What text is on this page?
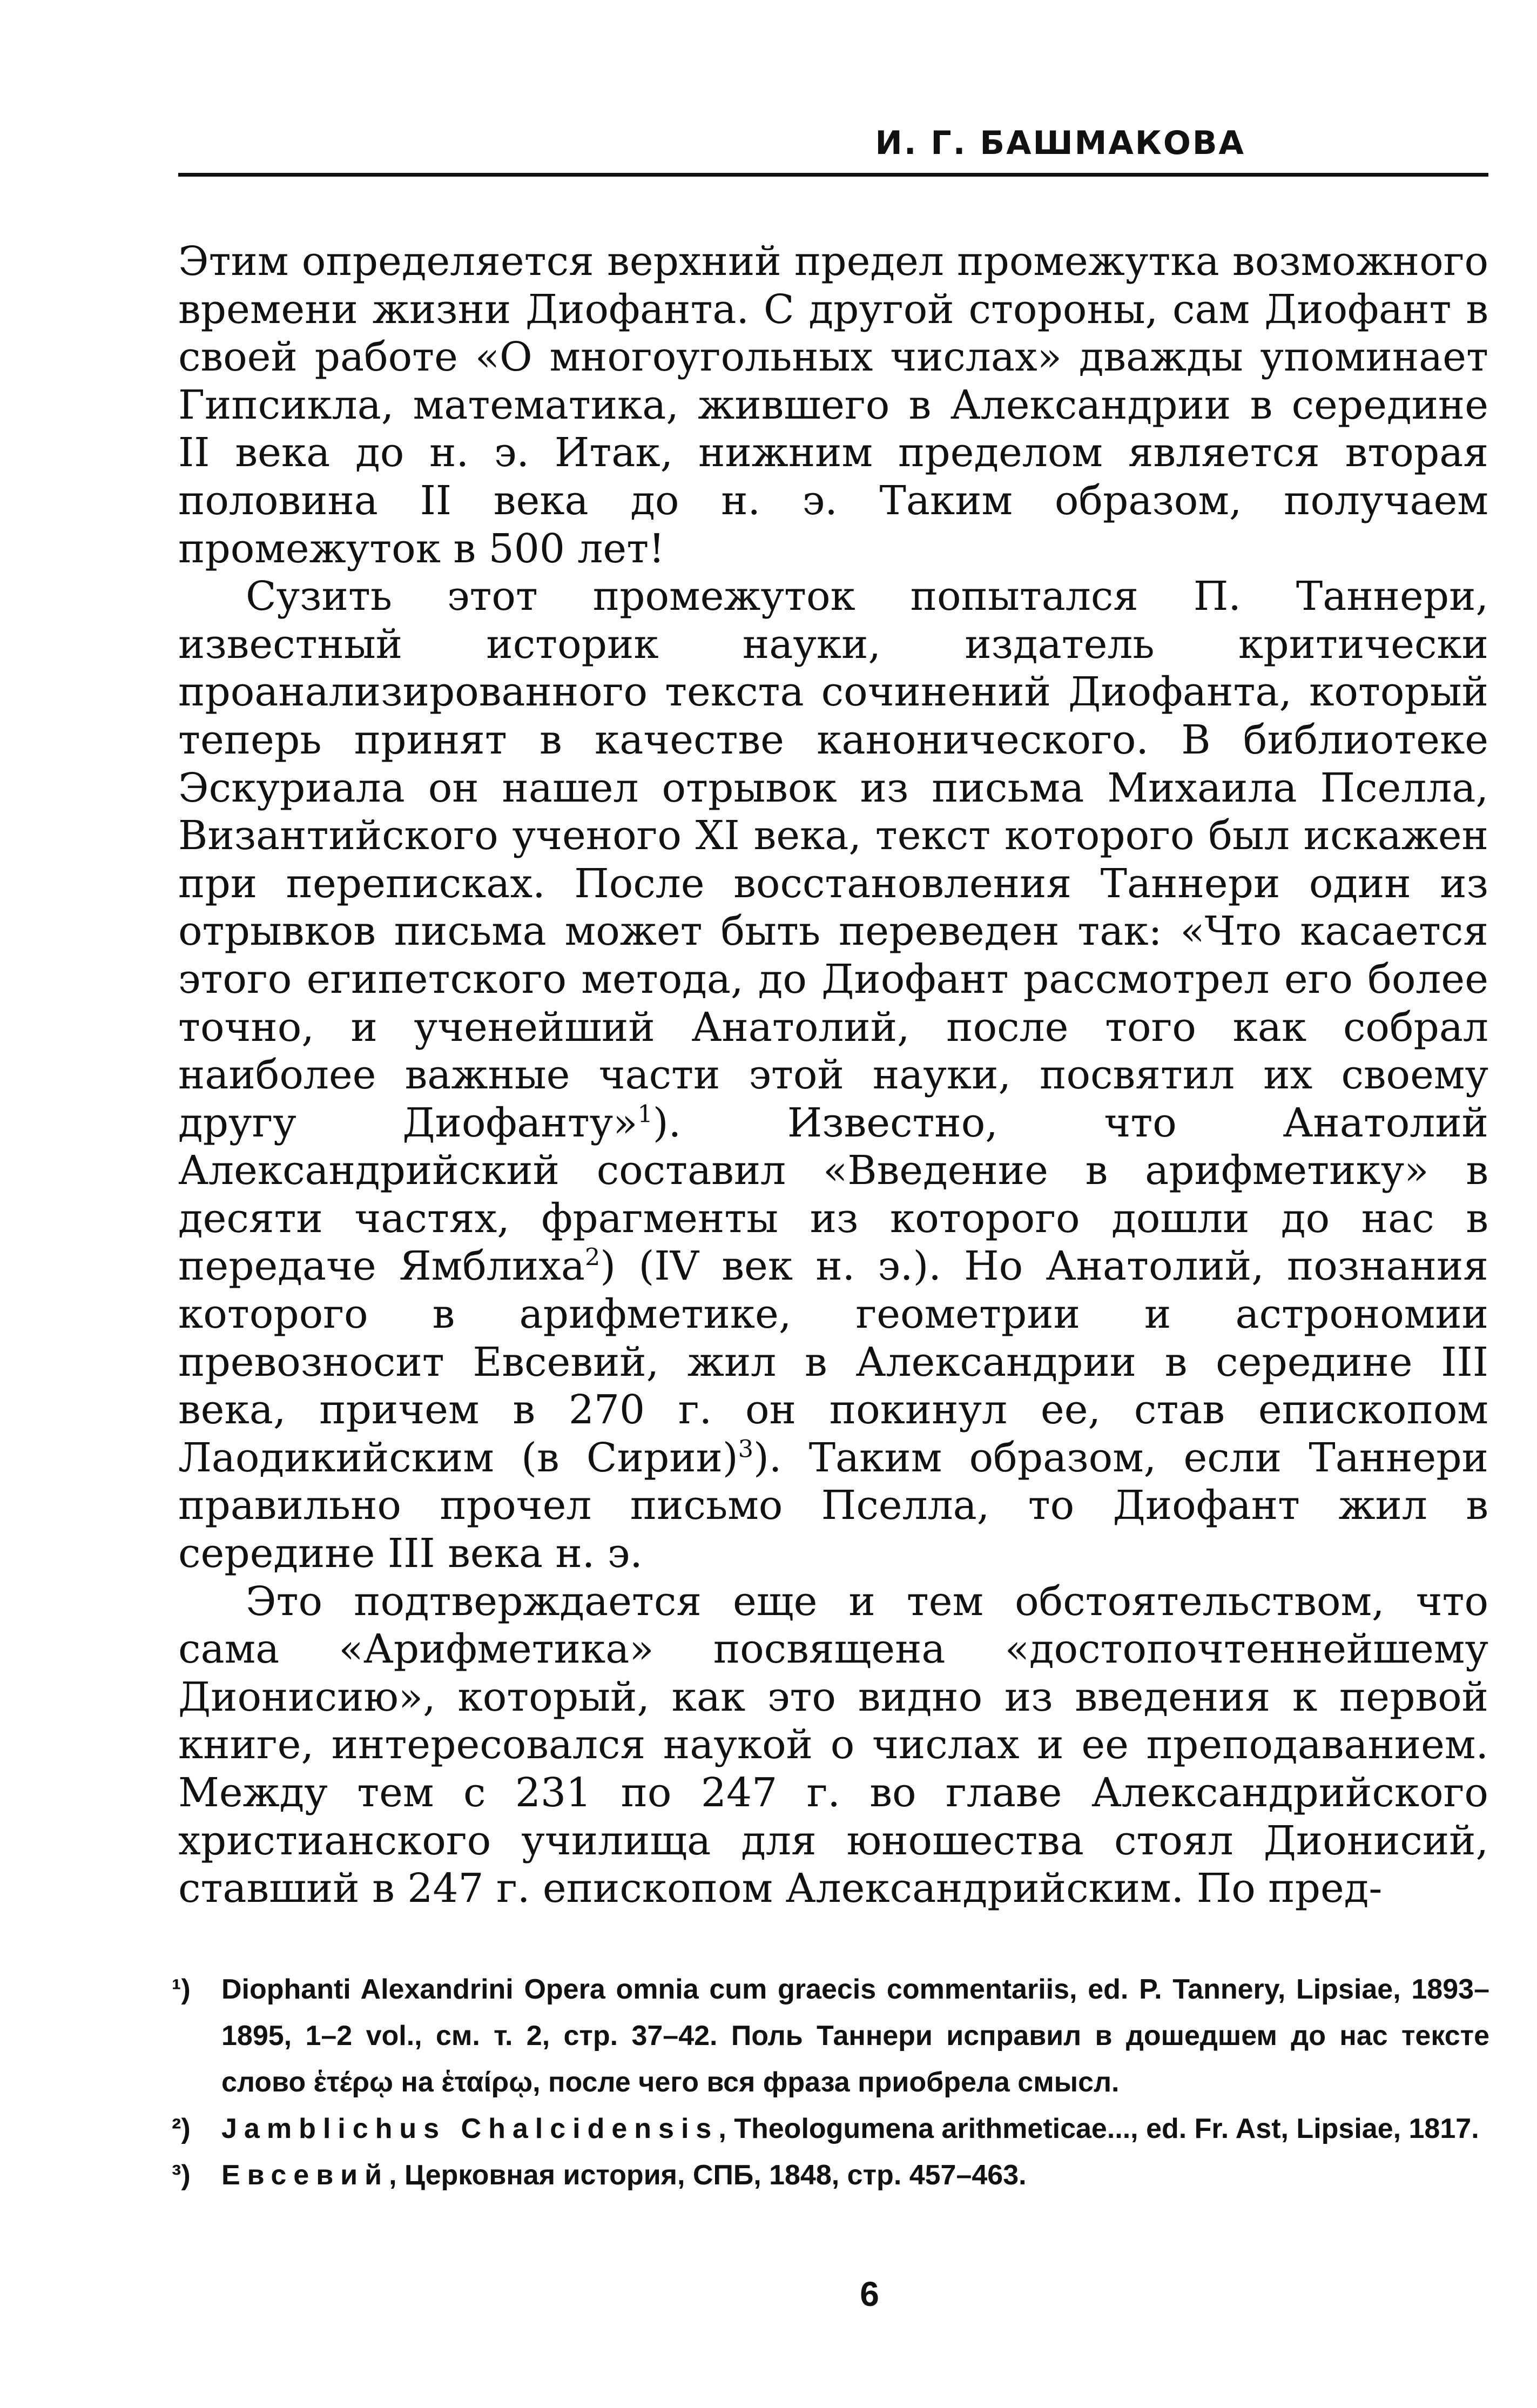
И. Г. БАШМАКОВА

Этим определяется верхний предел промежутка возможного времени жизни Диофанта. С другой стороны, сам Диофант в своей работе «О многоугольных числах» дважды упоминает Гипсикла, математика, жившего в Александрии в середине II века до н. э. Итак, нижним пределом является вторая половина II века до н. э. Таким образом, получаем промежуток в 500 лет!

Сузить этот промежуток попытался П. Таннери, известный историк науки, издатель критически проанализированного текста сочинений Диофанта, который теперь принят в качестве канонического. В библиотеке Эскуриала он нашел отрывок из письма Михаила Пселла, Византийского ученого XI века, текст которого был искажен при переписках. После восстановления Таннери один из отрывков письма может быть переведен так: «Что касается этого египетского метода, до Диофант рассмотрел его более точно, и ученейший Анатолий, после того как собрал наиболее важные части этой науки, посвятил их своему другу Диофанту»$^1$). Известно, что Анатолий Александрийский составил «Введение в арифметику» в десяти частях, фрагменты из которого дошли до нас в передаче Ямблиха$^2$) (IV век н. э.). Но Анатолий, познания которого в арифметике, геометрии и астрономии превозносит Евсевий, жил в Александрии в середине III века, причем в 270 г. он покинул ее, став епископом Лаодикийским (в Сирии)$^3$). Таким образом, если Таннери правильно прочел письмо Пселла, то Диофант жил в середине III века н. э.

Это подтверждается еще и тем обстоятельством, что сама «Арифметика» посвящена «достопочтеннейшему Дионисию», который, как это видно из введения к первой книге, интересовался наукой о числах и ее преподаванием. Между тем с 231 по 247 г. во главе Александрийского христианского училища для юношества стоял Дионисий, ставший в 247 г. епископом Александрийским. По пред-

¹) Diophanti Alexandrini Opera omnia cum graecis commentariis, ed. P. Tannery, Lipsiae, 1893–1895, 1–2 vol., см. т. 2, стр. 37–42. Поль Таннери исправил в дошедшем до нас тексте слово ἑτέρῳ на ἑταίρῳ, после чего вся фраза приобрела смысл.

²) Jamblichus Chalcidensis, Theologumena arithmeticae..., ed. Fr. Ast, Lipsiae, 1817.

³) Евсевий, Церковная история, СПБ, 1848, стр. 457–463.

6
